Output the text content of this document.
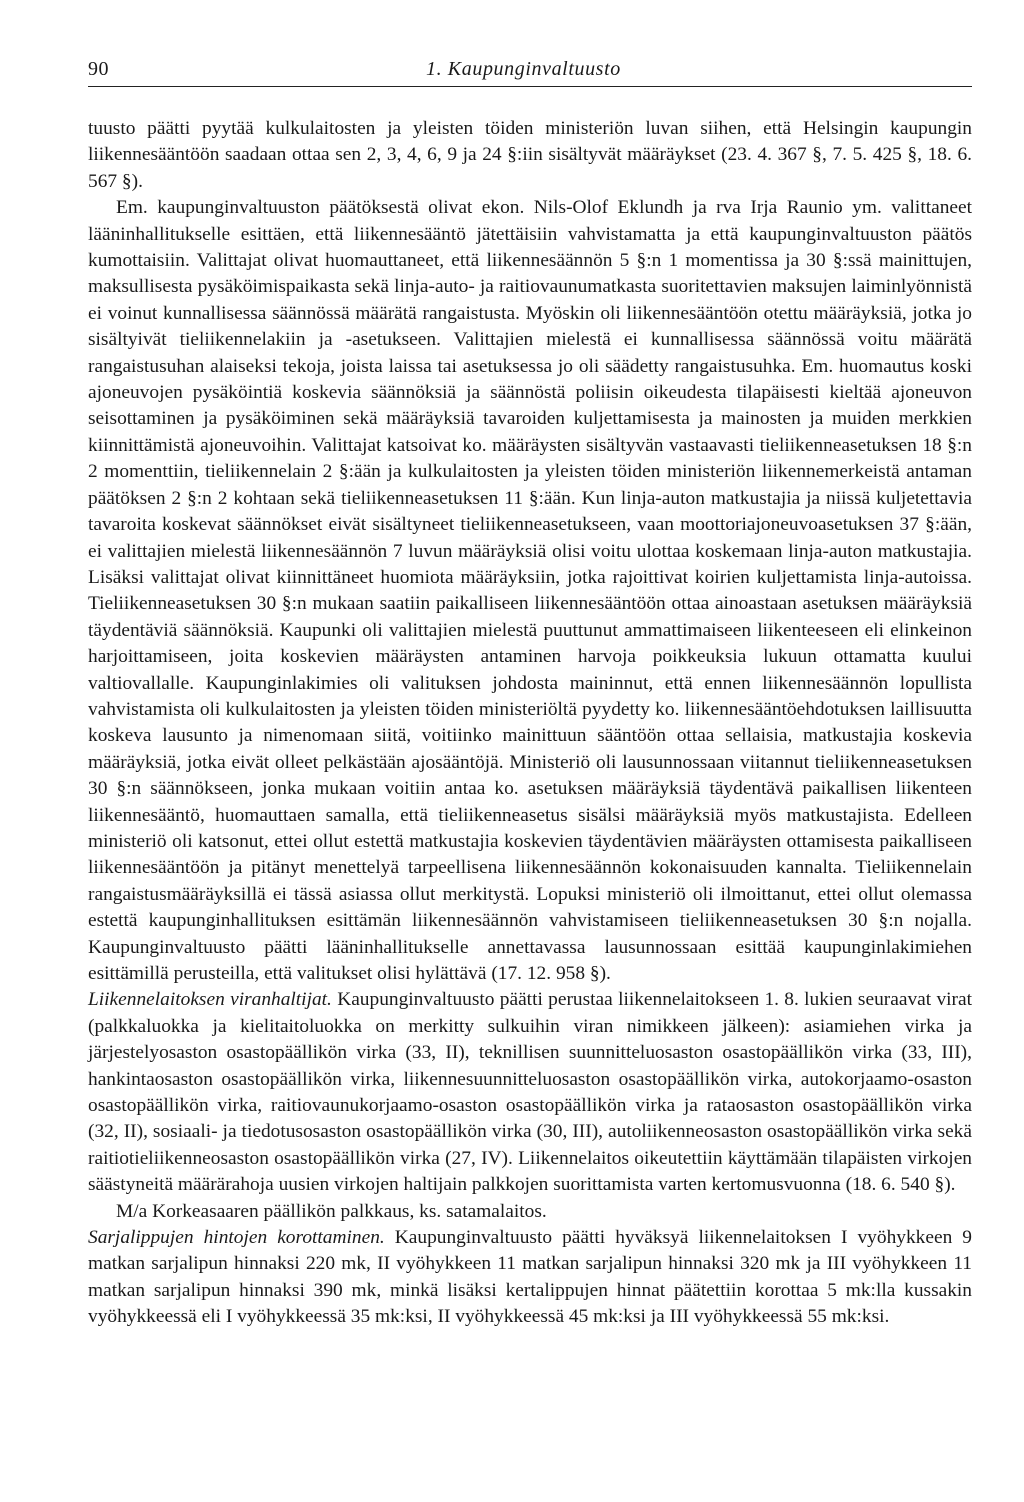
90	1. Kaupunginvaltuusto

tuusto päätti pyytää kulkulaitosten ja yleisten töiden ministeriön luvan siihen, että Helsingin kaupungin liikennesääntöön saadaan ottaa sen 2, 3, 4, 6, 9 ja 24 §:iin sisältyvät määräykset (23. 4. 367 §, 7. 5. 425 §, 18. 6. 567 §).

Em. kaupunginvaltuuston päätöksestä olivat ekon. Nils-Olof Eklundh ja rva Irja Raunio ym. valittaneet lääninhallitukselle esittäen, että liikennesääntö jätettäisiin vahvistamatta ja että kaupunginvaltuuston päätös kumottaisiin. Valittajat olivat huomauttaneet, että liikennesäännön 5 §:n 1 momentissa ja 30 §:ssä mainittujen, maksullisesta pysäköimispaikasta sekä linja-auto- ja raitiovaunumatkasta suoritettavien maksujen laiminlyönnistä ei voinut kunnallisessa säännössä määrätä rangaistusta. Myöskin oli liikennesääntöön otettu määräyksiä, jotka jo sisältyivät tieliikennelakiin ja -asetukseen. Valittajien mielestä ei kunnallisessa säännössä voitu määrätä rangaistusuhan alaiseksi tekoja, joista laissa tai asetuksessa jo oli säädetty rangaistusuhka. Em. huomautus koski ajoneuvojen pysäköintiä koskevia säännöksiä ja säännöstä poliisin oikeudesta tilapäisesti kieltää ajoneuvon seisottaminen ja pysäköiminen sekä määräyksiä tavaroiden kuljettamisesta ja mainosten ja muiden merkkien kiinnittämistä ajoneuvoihin. Valittajat katsoivat ko. määräysten sisältyvän vastaavasti tieliikenneasetuksen 18 §:n 2 momenttiin, tieliikennelain 2 §:ään ja kulkulaitosten ja yleisten töiden ministeriön liikennemerkeistä antaman päätöksen 2 §:n 2 kohtaan sekä tieliikenneasetuksen 11 §:ään. Kun linja-auton matkustajia ja niissä kuljetettavia tavaroita koskevat säännökset eivät sisältyneet tieliikenneasetukseen, vaan moottoriajoneuvoasetuksen 37 §:ään, ei valittajien mielestä liikennesäännön 7 luvun määräyksiä olisi voitu ulottaa koskemaan linja-auton matkustajia. Lisäksi valittajat olivat kiinnittäneet huomiota määräyksiin, jotka rajoittivat koirien kuljettamista linja-autoissa. Tieliikenneasetuksen 30 §:n mukaan saatiin paikalliseen liikennesääntöön ottaa ainoastaan asetuksen määräyksiä täydentäviä säännöksiä. Kaupunki oli valittajien mielestä puuttunut ammattimaiseen liikenteeseen eli elinkeinon harjoittamiseen, joita koskevien määräysten antaminen harvoja poikkeuksia lukuun ottamatta kuului valtiovallalle. Kaupunginlakimies oli valituksen johdosta maininnut, että ennen liikennesäännön lopullista vahvistamista oli kulkulaitosten ja yleisten töiden ministeriöltä pyydetty ko. liikennesääntöehdotuksen laillisuutta koskeva lausunto ja nimenomaan siitä, voitiinko mainittuun sääntöön ottaa sellaisia, matkustajia koskevia määräyksiä, jotka eivät olleet pelkästään ajosääntöjä. Ministeriö oli lausunnossaan viitannut tieliikenneasetuksen 30 §:n säännökseen, jonka mukaan voitiin antaa ko. asetuksen määräyksiä täydentävä paikallisen liikenteen liikennesääntö, huomauttaen samalla, että tieliikenneasetus sisälsi määräyksiä myös matkustajista. Edelleen ministeriö oli katsonut, ettei ollut estettä matkustajia koskevien täydentävien määräysten ottamisesta paikalliseen liikennesääntöön ja pitänyt menettelyä tarpeellisena liikennesäännön kokonaisuuden kannalta. Tieliikennelain rangaistusmääräyksillä ei tässä asiassa ollut merkitystä. Lopuksi ministeriö oli ilmoittanut, ettei ollut olemassa estettä kaupunginhallituksen esittämän liikennesäännön vahvistamiseen tieliikenneasetuksen 30 §:n nojalla. Kaupunginvaltuusto päätti lääninhallitukselle annettavassa lausunnossaan esittää kaupunginlakimiehen esittämillä perusteilla, että valitukset olisi hylättävä (17. 12. 958 §).

Liikennelaitoksen viranhaltijat. Kaupunginvaltuusto päätti perustaa liikennelaitokseen 1. 8. lukien seuraavat virat (palkkaluokka ja kielitaitoluokka on merkitty sulkuihin viran nimikkeen jälkeen): asiamiehen virka ja järjestelyosaston osastopäällikön virka (33, II), teknillisen suunnitteluosaston osastopäällikön virka (33, III), hankintaosaston osastopäällikön virka, liikennesuunnitteluosaston osastopäällikön virka, autokorjaamo-osaston osastopäällikön virka, raitiovaunukorjaamo-osaston osastopäällikön virka ja rataosaston osastopäällikön virka (32, II), sosiaali- ja tiedotusosaston osastopäällikön virka (30, III), autoliikenneosaston osastopäällikön virka sekä raitiotieliikenneosaston osastopäällikön virka (27, IV). Liikennelaitos oikeutettiin käyttämään tilapäisten virkojen säästyneitä määrärahoja uusien virkojen haltijain palkkojen suorittamista varten kertomusvuonna (18. 6. 540 §).

M/a Korkeasaaren päällikön palkkaus, ks. satamalaitos.

Sarjalippujen hintojen korottaminen. Kaupunginvaltuusto päätti hyväksyä liikennelaitoksen I vyöhykkeen 9 matkan sarjalipun hinnaksi 220 mk, II vyöhykkeen 11 matkan sarjalipun hinnaksi 320 mk ja III vyöhykkeen 11 matkan sarjalipun hinnaksi 390 mk, minkä lisäksi kertalippujen hinnat päätettiin korottaa 5 mk:lla kussakin vyöhykkeessä eli I vyöhykkeessä 35 mk:ksi, II vyöhykkeessä 45 mk:ksi ja III vyöhykkeessä 55 mk:ksi.
